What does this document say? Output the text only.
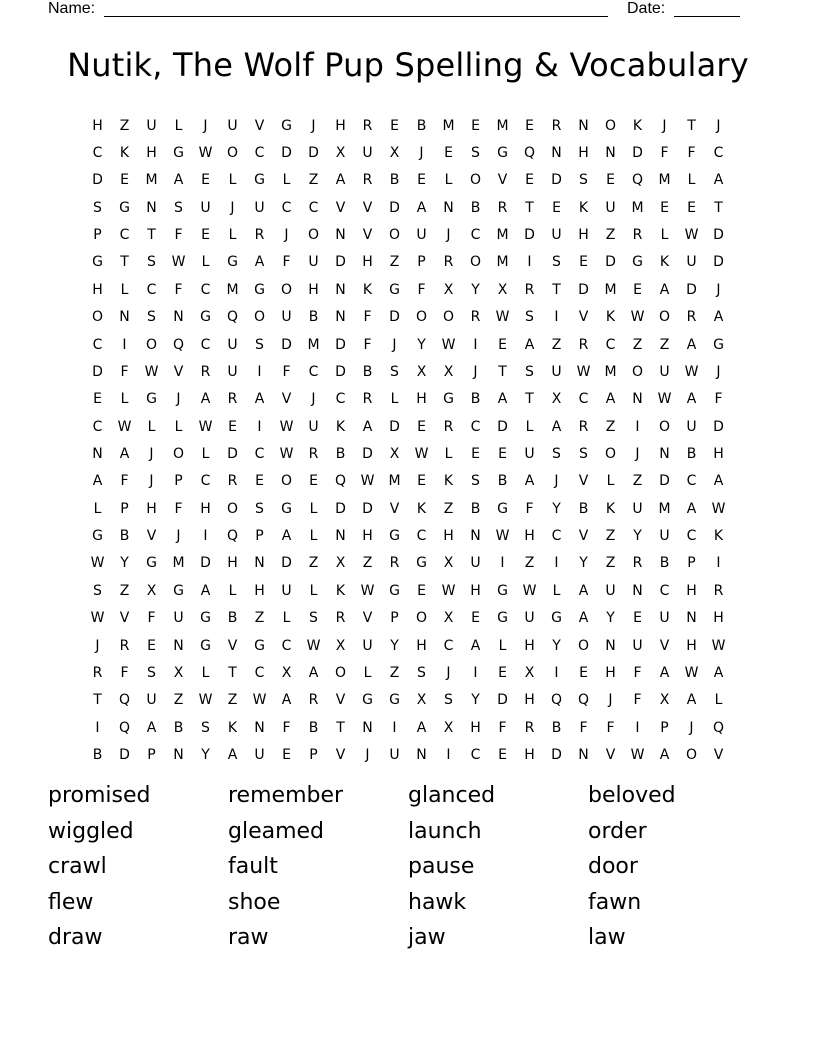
Name:	Date:
Nutik, The Wolf Pup Spelling & Vocabulary
H	Z	U	L	J	U	V	G	J	H	R	E	B	M	E	M	E	R	N	O	K	J	T	J
C	K	H	G	W	O	C	D	D	X	U	X	J	E	S	G	Q	N	H	N	D	F	F	C
D	E	M	A	E	L	G	L	Z	A	R	B	E	L	O	V	E	D	S	E	Q	M	L	A
S	G	N	S	U	J	U	C	C	V	V	D	A	N	B	R	T	E	K	U	M	E	E	T
P	C	T	F	E	L	R	J	O	N	V	O	U	J	C	M	D	U	H	Z	R	L	W	D
G	T	S	W	L	G	A	F	U	D	H	Z	P	R	O	M	I	S	E	D	G	K	U	D
H	L	C	F	C	M	G	O	H	N	K	G	F	X	Y	X	R	T	D	M	E	A	D	J
O	N	S	N	G	Q	O	U	B	N	F	D	O	O	R	W	S	I	V	K	W	O	R	A
C	I	O	Q	C	U	S	D	M	D	F	J	Y	W	I	E	A	Z	R	C	Z	Z	A	G
D	F	W	V	R	U	I	F	C	D	B	S	X	X	J	T	S	U	W	M	O	U	W	J
E	L	G	J	A	R	A	V	J	C	R	L	H	G	B	A	T	X	C	A	N	W	A	F
C	W	L	L	W	E	I	W	U	K	A	D	E	R	C	D	L	A	R	Z	I	O	U	D
N	A	J	O	L	D	C	W	R	B	D	X	W	L	E	E	U	S	S	O	J	N	B	H
A	F	J	P	C	R	E	O	E	Q	W	M	E	K	S	B	A	J	V	L	Z	D	C	A
L	P	H	F	H	O	S	G	L	D	D	V	K	Z	B	G	F	Y	B	K	U	M	A	W
G	B	V	J	I	Q	P	A	L	N	H	G	C	H	N	W	H	C	V	Z	Y	U	C	K
W	Y	G	M	D	H	N	D	Z	X	Z	R	G	X	U	I	Z	I	Y	Z	R	B	P	I
S	Z	X	G	A	L	H	U	L	K	W	G	E	W	H	G	W	L	A	U	N	C	H	R
W	V	F	U	G	B	Z	L	S	R	V	P	O	X	E	G	U	G	A	Y	E	U	N	H
J	R	E	N	G	V	G	C	W	X	U	Y	H	C	A	L	H	Y	O	N	U	V	H	W
R	F	S	X	L	T	C	X	A	O	L	Z	S	J	I	E	X	I	E	H	F	A	W	A
T	Q	U	Z	W	Z	W	A	R	V	G	G	X	S	Y	D	H	Q	Q	J	F	X	A	L
I	Q	A	B	S	K	N	F	B	T	N	I	A	X	H	F	R	B	F	F	I	P	J	Q
B	D	P	N	Y	A	U	E	P	V	J	U	N	I	C	E	H	D	N	V	W	A	O	V
promised	remember	glanced	beloved
wiggled	gleamed	launch	order
crawl	fault	pause	door
flew	shoe	hawk	fawn
draw	raw	jaw	law
